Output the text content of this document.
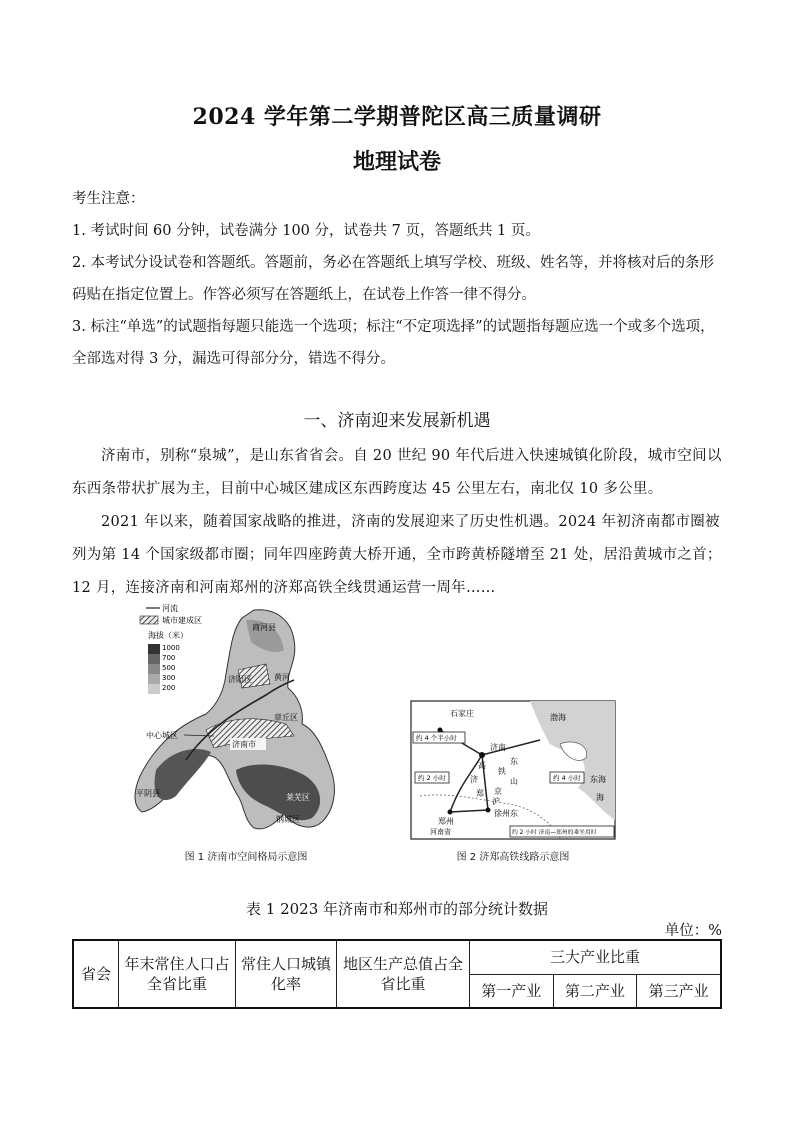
2024 学年第二学期普陀区高三质量调研
地理试卷

考生注意：

1. 考试时间 60 分钟，试卷满分 100 分，试卷共 7 页，答题纸共 1 页。

2. 本考试分设试卷和答题纸。答题前，务必在答题纸上填写学校、班级、姓名等，并将核对后的条形码贴在指定位置上。作答必须写在答题纸上，在试卷上作答一律不得分。

3. 标注“单选”的试题指每题只能选一个选项；标注“不定项选择”的试题指每题应选一个或多个选项，全部选对得 3 分，漏选可得部分分，错选不得分。

一、济南迎来发展新机遇

济南市，别称“泉城”，是山东省省会。自 20 世纪 90 年代后进入快速城镇化阶段，城市空间以东西条带状扩展为主，目前中心城区建成区东西跨度达 45 公里左右，南北仅 10 多公里。

2021 年以来，随着国家战略的推进，济南的发展迎来了历史性机遇。2024 年初济南都市圈被列为第 14 个国家级都市圈；同年四座跨黄大桥开通，全市跨黄桥隧增至 21 处，居沿黄城市之首；12 月，连接济南和河南郑州的济郑高铁全线贯通运营一周年……

河流
城市建成区
海拔（米）
1000
700
500
300
200
商河县
济阳区
中心城区
济南市
章丘区
平阴县	莱芜区
钢城区
黄河
图 1 济南市空间格局示意图
石家庄	渤海
济南
东
高
铁
济
郑
山
京
沪
郑州
徐州东
河南省
东海
海
约 4 个半小时
约 2 小时	约 4 小时
约 2 小时 济南—郑州的乘坐用时
图 2 济郑高铁线路示意图
表 1 2023 年济南市和郑州市的部分统计数据
单位：%
省会	年末常住人口占全省比重	常住人口城镇化率	地区生产总值占全省比重	三大产业比重		
				第一产业	第二产业	第三产业
